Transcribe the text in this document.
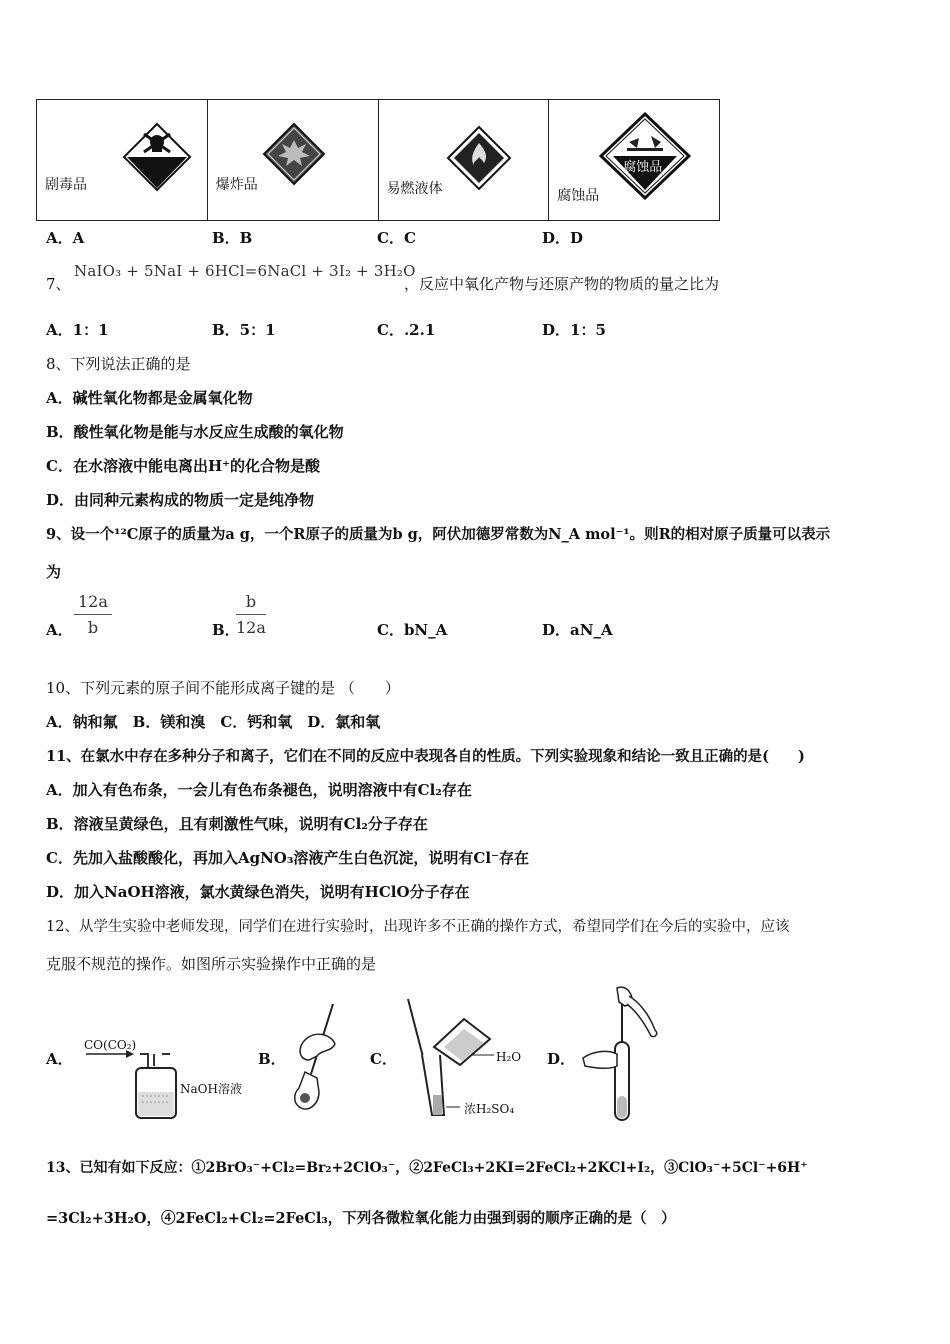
剧毒品	爆炸品	易燃液体
腐蚀品
腐蚀品
A．A	B．B	C．C	D．D
7、
NaIO₃ + 5NaI + 6HCl=6NaCl + 3I₂ + 3H₂O
，反应中氧化产物与还原产物的物质的量之比为
A．1：1	B．5：1	C．.2.1	D．1：5
8、下列说法正确的是
A．碱性氧化物都是金属氧化物
B．酸性氧化物是能与水反应生成酸的氧化物
C．在水溶液中能电离出H⁺的化合物是酸
D．由同种元素构成的物质一定是纯净物
9、设一个¹²C原子的质量为a g，一个R原子的质量为b g，阿伏加德罗常数为N_A mol⁻¹。则R的相对原子质量可以表示
为
A． $\frac{12a}{b}$	B．
$\frac{b}{12a}$	C．bN_A	D．aN_A
10、下列元素的原子间不能形成离子键的是 （　　）
A．钠和氟　B．镁和溴　C．钙和氧　D．氯和氧
11、在氯水中存在多种分子和离子，它们在不同的反应中表现各自的性质。下列实验现象和结论一致且正确的是(　　)
A．加入有色布条，一会儿有色布条褪色，说明溶液中有Cl₂存在
B．溶液呈黄绿色，且有刺激性气味，说明有Cl₂分子存在
C．先加入盐酸酸化，再加入AgNO₃溶液产生白色沉淀，说明有Cl⁻存在
D．加入NaOH溶液，氯水黄绿色消失，说明有HClO分子存在
12、从学生实验中老师发现，同学们在进行实验时，出现许多不正确的操作方式，希望同学们在今后的实验中，应该
克服不规范的操作。如图所示实验操作中正确的是
A．
CO(CO₂)
NaOH溶液
B．	C．	H₂O
浓H₂SO₄
D．
13、已知有如下反应：①2BrO₃⁻+Cl₂=Br₂+2ClO₃⁻，②2FeCl₃+2KI=2FeCl₂+2KCl+I₂，③ClO₃⁻+5Cl⁻+6H⁺
=3Cl₂+3H₂O，④2FeCl₂+Cl₂=2FeCl₃，下列各微粒氧化能力由强到弱的顺序正确的是（　）
